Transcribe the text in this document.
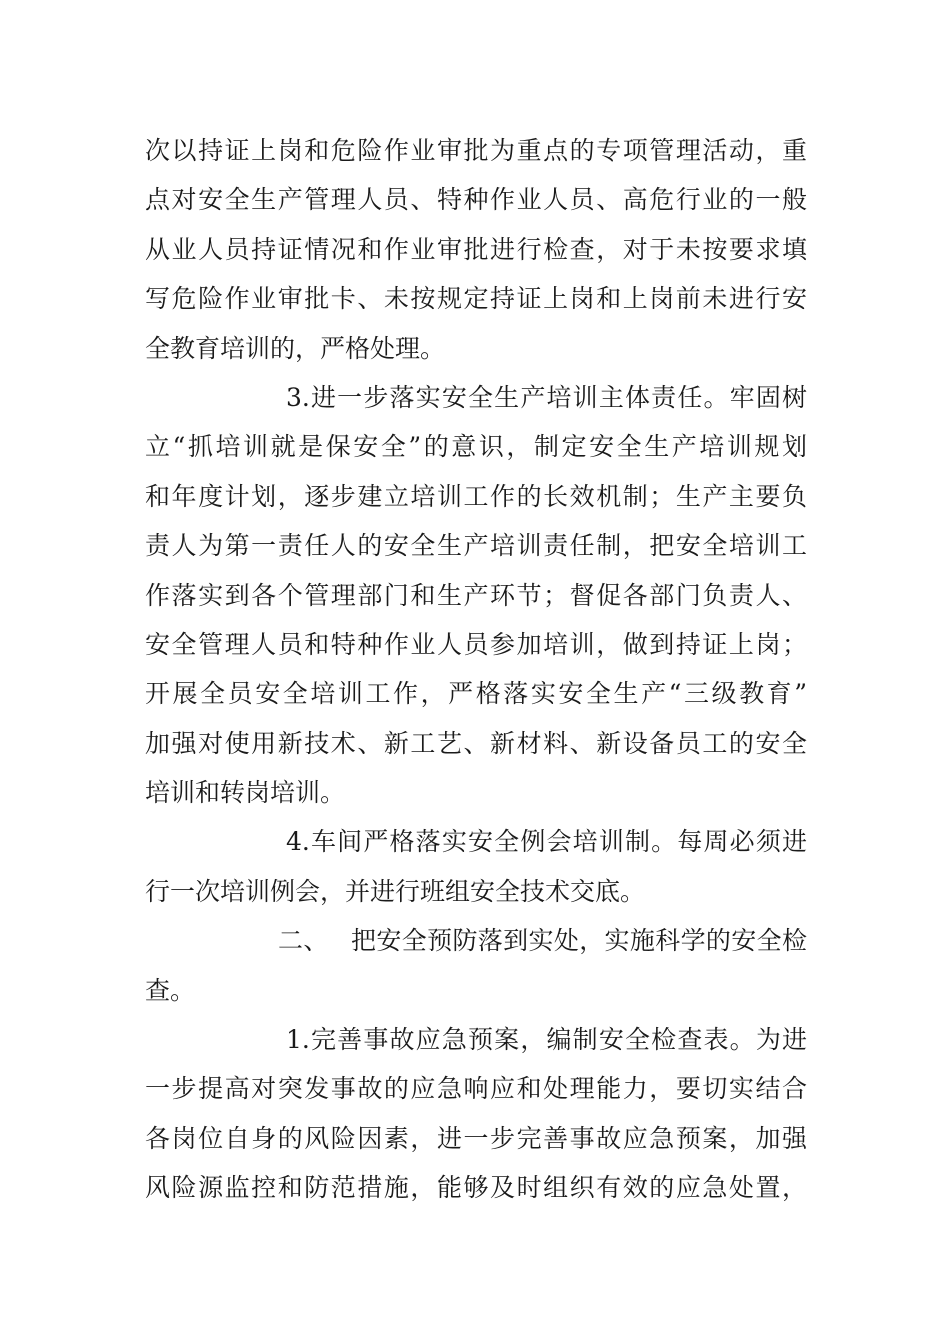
次以持证上岗和危险作业审批为重点的专项管理活动，重
点对安全生产管理人员、特种作业人员、高危行业的一般
从业人员持证情况和作业审批进行检查，对于未按要求填
写危险作业审批卡、未按规定持证上岗和上岗前未进行安
全教育培训的，严格处理。
3.进一步落实安全生产培训主体责任。牢固树
立“抓培训就是保安全”的意识，制定安全生产培训规划
和年度计划，逐步建立培训工作的长效机制；生产主要负
责人为第一责任人的安全生产培训责任制，把安全培训工
作落实到各个管理部门和生产环节；督促各部门负责人、
安全管理人员和特种作业人员参加培训，做到持证上岗；
开展全员安全培训工作，严格落实安全生产“三级教育”
加强对使用新技术、新工艺、新材料、新设备员工的安全
培训和转岗培训。
4.车间严格落实安全例会培训制。每周必须进
行一次培训例会，并进行班组安全技术交底。
二、 把安全预防落到实处，实施科学的安全检
查。
1.完善事故应急预案，编制安全检查表。为进
一步提高对突发事故的应急响应和处理能力，要切实结合
各岗位自身的风险因素，进一步完善事故应急预案，加强
风险源监控和防范措施，能够及时组织有效的应急处置，
